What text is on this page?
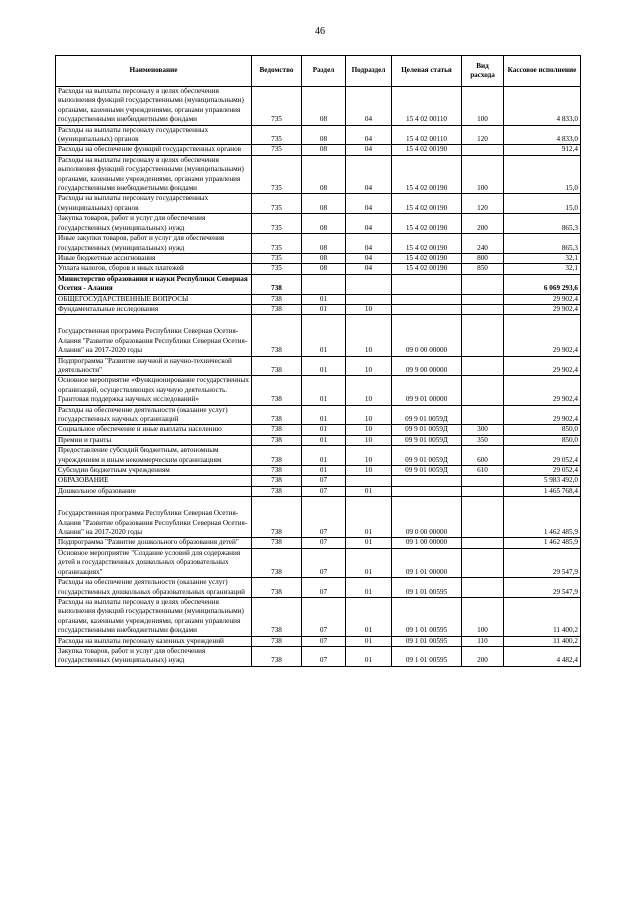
46
Наименование	Ведомство	Раздел	Подраздел	Целевая статья	Вид расхода	Кассовое исполнение
Расходы на выплаты персоналу в целях обеспечения выполнения функций государственными (муниципальными) органами, казенными учреждениями, органами управления государственными внебюджетными фондами	735	08	04	15 4 02 00110	100	4 833,0
Расходы на выплаты персоналу государственных (муниципальных) органов	735	08	04	15 4 02 00110	120	4 833,0
Расходы на обеспечение функций государственных органов	735	08	04	15 4 02 00190		912,4
Расходы на выплаты персоналу в целях обеспечения выполнения функций государственными (муниципальными) органами, казенными учреждениями, органами управления государственными внебюджетными фондами	735	08	04	15 4 02 00190	100	15,0
Расходы на выплаты персоналу государственных (муниципальных) органов	735	08	04	15 4 02 00190	120	15,0
Закупка товаров, работ и услуг для обеспечения государственных (муниципальных) нужд	735	08	04	15 4 02 00190	200	865,3
Иные закупки товаров, работ и услуг для обеспечения государственных (муниципальных) нужд	735	08	04	15 4 02 00190	240	865,3
Иные бюджетные ассигнования	735	08	04	15 4 02 00190	800	32,1
Уплата налогов, сборов и иных платежей	735	08	04	15 4 02 00190	850	32,1
Министерство образования и науки Республики Северная Осетия - Алания	738					6 069 293,6
ОБЩЕГОСУДАРСТВЕННЫЕ ВОПРОСЫ	738	01				29 902,4
Фундаментальные исследования	738	01	10			29 902,4
Государственная программа Республики Северная Осетия-Алания "Развитие образования Республики Северная Осетия-Алания" на 2017-2020 годы	738	01	10	09 0 00 00000		29 902,4
Подпрограмма "Развитие научной и научно-технической деятельности"	738	01	10	09 9 00 00000		29 902,4
Основное мероприятие «Функционирование государственных организаций, осуществляющих научную деятельность. Грантовая поддержка научных исследований»	738	01	10	09 9 01 00000		29 902,4
Расходы на обеспечение деятельности (оказание услуг) государственных научных организаций	738	01	10	09 9 01 0059Д		29 902,4
Социальное обеспечение и иные выплаты населению	738	01	10	09 9 01 0059Д	300	850,0
Премии и гранты	738	01	10	09 9 01 0059Д	350	850,0
Предоставление субсидий бюджетным, автономным учреждениям и иным некоммерческим организациям	738	01	10	09 9 01 0059Д	600	29 052,4
Субсидии бюджетным учреждениям	738	01	10	09 9 01 0059Д	610	29 052,4
ОБРАЗОВАНИЕ	738	07				5 983 492,0
Дошкольное образование	738	07	01			1 465 768,4
Государственная программа Республики Северная Осетия-Алания "Развитие образования Республики Северная Осетия-Алания" на 2017-2020 годы	738	07	01	09 0 00 00000		1 462 485,9
Подпрограмма "Развитие дошкольного образования детей"	738	07	01	09 1 00 00000		1 462 485,9
Основное мероприятие "Создание условий для содержания детей в государственных дошкольных образовательных организациях"	738	07	01	09 1 01 00000		29 547,9
Расходы на обеспечение деятельности (оказание услуг) государственных дошкольных образовательных организаций	738	07	01	09 1 01 00595		29 547,9
Расходы на выплаты персоналу в целях обеспечения выполнения функций государственными (муниципальными) органами, казенными учреждениями, органами управления государственными внебюджетными фондами	738	07	01	09 1 01 00595	100	11 400,2
Расходы на выплаты персоналу казенных учреждений	738	07	01	09 1 01 00595	110	11 400,2
Закупка товаров, работ и услуг для обеспечения государственных (муниципальных) нужд	738	07	01	09 1 01 00595	200	4 482,4
